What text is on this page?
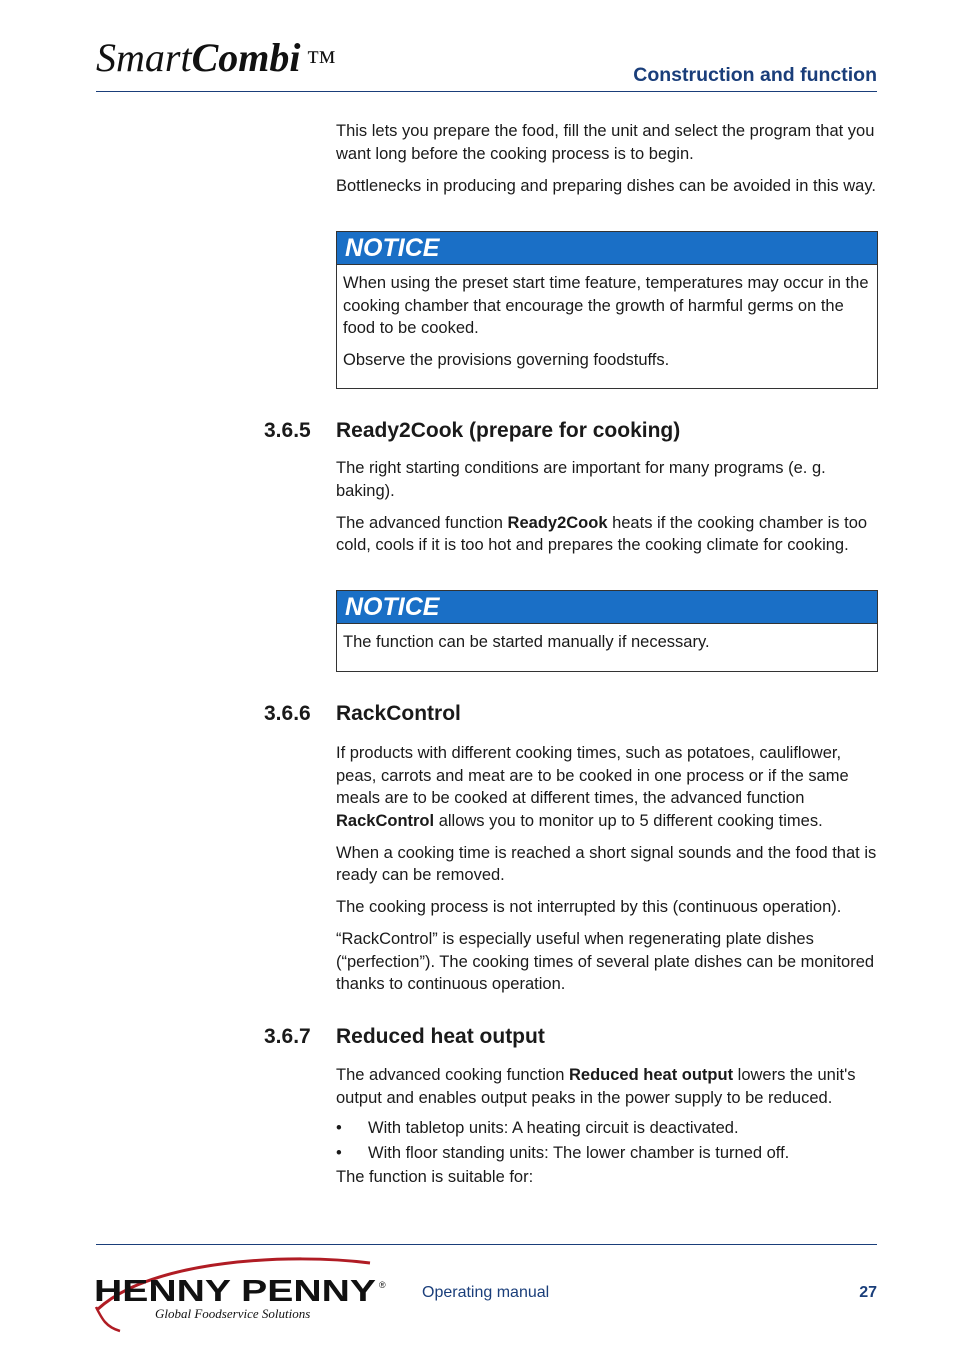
SmartCombi ™	Construction and function

This lets you prepare the food, fill the unit and select the program that you want long before the cooking process is to begin.

Bottlenecks in producing and preparing dishes can be avoided in this way.

NOTICE

When using the preset start time feature, temperatures may occur in the cooking chamber that encourage the growth of harmful germs on the food to be cooked.

Observe the provisions governing foodstuffs.

3.6.5 Ready2Cook (prepare for cooking)

The right starting conditions are important for many programs (e. g. baking).

The advanced function Ready2Cook heats if the cooking chamber is too cold, cools if it is too hot and prepares the cooking climate for cooking.

NOTICE

The function can be started manually if necessary.

3.6.6 RackControl

If products with different cooking times, such as potatoes, cauliflower, peas, carrots and meat are to be cooked in one process or if the same meals are to be cooked at different times, the advanced function RackControl allows you to monitor up to 5 different cooking times.

When a cooking time is reached a short signal sounds and the food that is ready can be removed.

The cooking process is not interrupted by this (continuous operation).

“RackControl” is especially useful when regenerating plate dishes (“perfection”). The cooking times of several plate dishes can be monitored thanks to continuous operation.

3.6.7 Reduced heat output

The advanced cooking function Reduced heat output lowers the unit's output and enables output peaks in the power supply to be reduced.

• With tabletop units: A heating circuit is deactivated.
• With floor standing units: The lower chamber is turned off.

The function is suitable for:

HENNY PENNY ®
Global Foodservice Solutions
Operating manual	27
